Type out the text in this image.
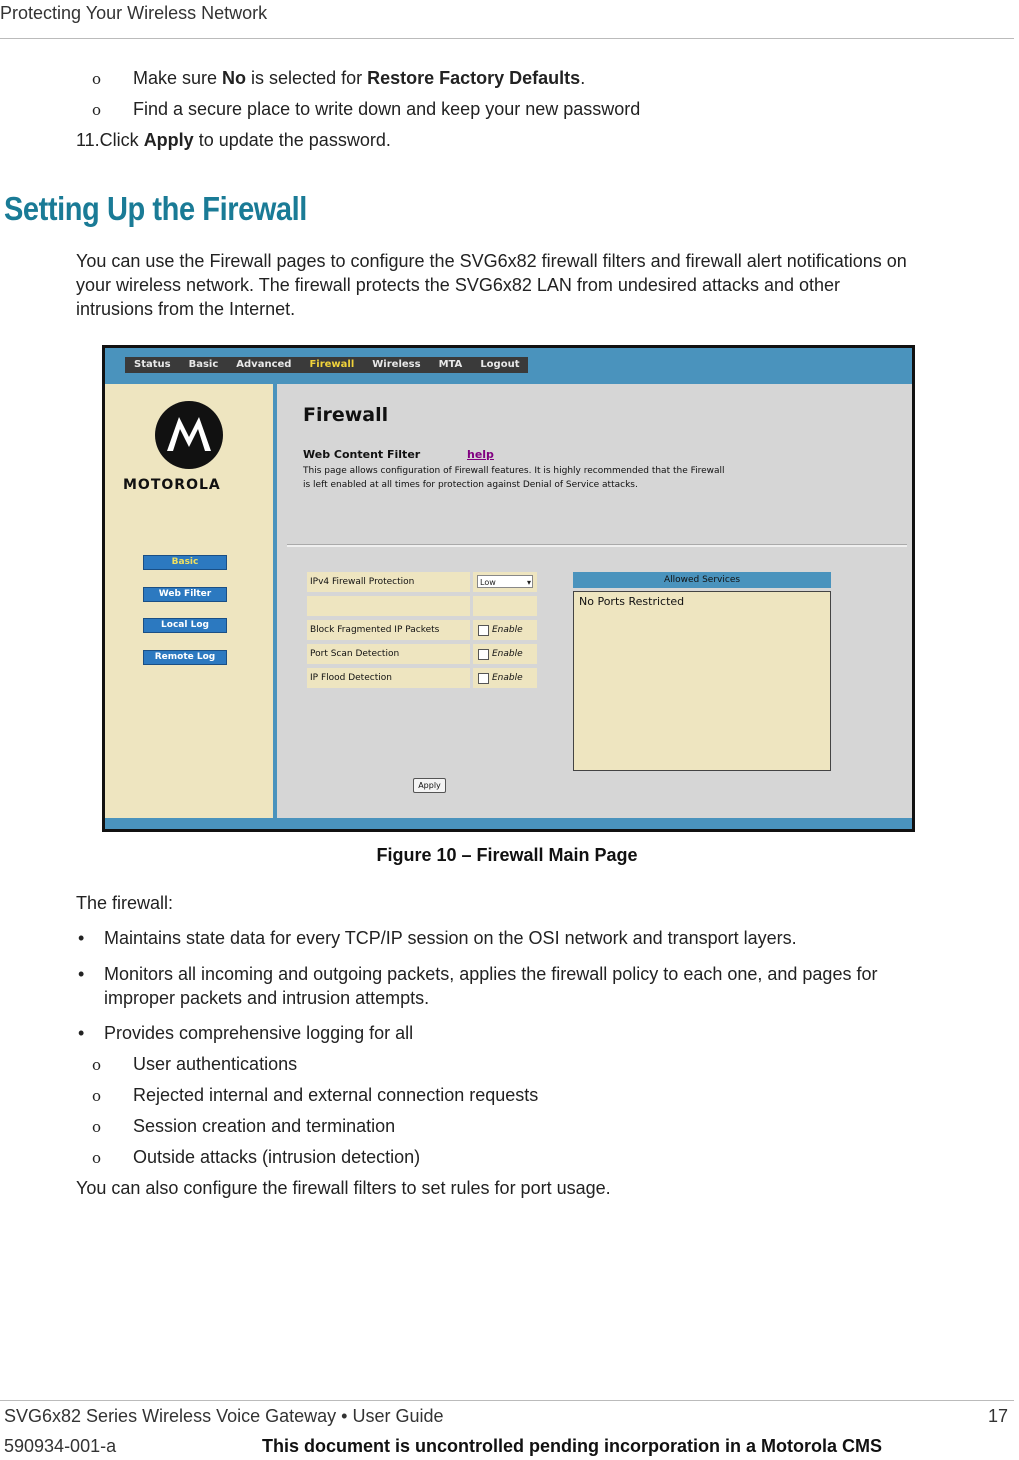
Protecting Your Wireless Network
o Make sure No is selected for Restore Factory Defaults.
o Find a secure place to write down and keep your new password
11.Click Apply to update the password.
Setting Up the Firewall
You can use the Firewall pages to configure the SVG6x82 firewall filters and firewall alert notifications on
your wireless network. The firewall protects the SVG6x82 LAN from undesired attacks and other
intrusions from the Internet.
Status	Basic	Advanced	Firewall	Wireless	MTA	Logout
MOTOROLA
Basic
Web Filter
Local Log
Remote Log
Firewall
Web Content Filter	help
This page allows configuration of Firewall features. It is highly recommended that the Firewall
is left enabled at all times for protection against Denial of Service attacks.
IPv4 Firewall Protection	Low	▾
Block Fragmented IP Packets	Enable
Port Scan Detection	Enable
IP Flood Detection	Enable
Allowed Services
No Ports Restricted
Apply
Figure 10 – Firewall Main Page
The firewall:
• Maintains state data for every TCP/IP session on the OSI network and transport layers.
• Monitors all incoming and outgoing packets, applies the firewall policy to each one, and pages for
improper packets and intrusion attempts.
• Provides comprehensive logging for all
o User authentications
o Rejected internal and external connection requests
o Session creation and termination
o Outside attacks (intrusion detection)
You can also configure the firewall filters to set rules for port usage.
SVG6x82 Series Wireless Voice Gateway • User Guide	17
590934-001-a	This document is uncontrolled pending incorporation in a Motorola CMS
